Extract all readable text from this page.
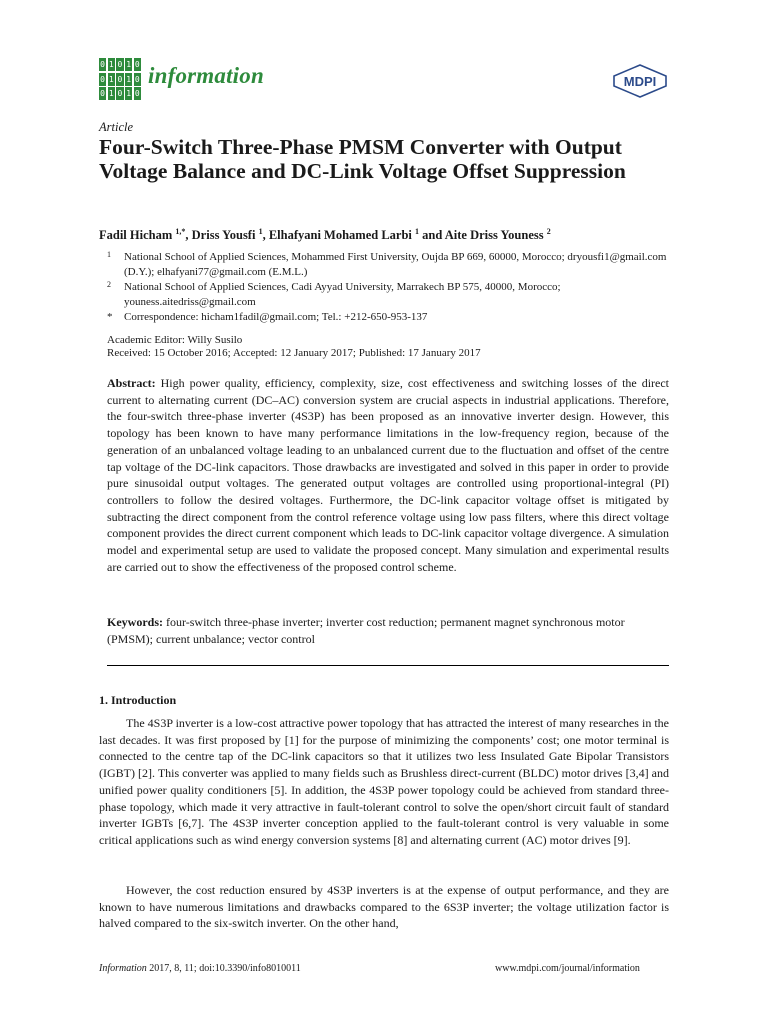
0 1 0 1 0
0 1 0 1 0
0 1 0 1 0
information	MDPI
Article
Four-Switch Three-Phase PMSM Converter with Output Voltage Balance and DC-Link Voltage Offset Suppression
Fadil Hicham $^{1,*}$, Driss Yousfi $^1$, Elhafyani Mohamed Larbi $^1$ and Aite Driss Youness $^2$
1 National School of Applied Sciences, Mohammed First University, Oujda BP 669, 60000, Morocco; dryousfi1@gmail.com (D.Y.); elhafyani77@gmail.com (E.M.L.)
2 National School of Applied Sciences, Cadi Ayyad University, Marrakech BP 575, 40000, Morocco; youness.aitedriss@gmail.com
* Correspondence: hicham1fadil@gmail.com; Tel.: +212-650-953-137
Academic Editor: Willy Susilo
Received: 15 October 2016; Accepted: 12 January 2017; Published: 17 January 2017

Abstract: High power quality, efficiency, complexity, size, cost effectiveness and switching losses of the direct current to alternating current (DC–AC) conversion system are crucial aspects in industrial applications. Therefore, the four-switch three-phase inverter (4S3P) has been proposed as an innovative inverter design. However, this topology has been known to have many performance limitations in the low-frequency region, because of the generation of an unbalanced voltage leading to an unbalanced current due to the fluctuation and offset of the centre tap voltage of the DC-link capacitors. Those drawbacks are investigated and solved in this paper in order to provide pure sinusoidal output voltages. The generated output voltages are controlled using proportional-integral (PI) controllers to follow the desired voltages. Furthermore, the DC-link capacitor voltage offset is mitigated by subtracting the direct component from the control reference voltage using low pass filters, where this direct voltage component provides the direct current component which leads to DC-link capacitor voltage divergence. A simulation model and experimental setup are used to validate the proposed concept. Many simulation and experimental results are carried out to show the effectiveness of the proposed control scheme.

Keywords: four-switch three-phase inverter; inverter cost reduction; permanent magnet synchronous motor (PMSM); current unbalance; vector control

1. Introduction

The 4S3P inverter is a low-cost attractive power topology that has attracted the interest of many researches in the last decades. It was first proposed by [1] for the purpose of minimizing the components’ cost; one motor terminal is connected to the centre tap of the DC-link capacitors so that it utilizes two less Insulated Gate Bipolar Transistors (IGBT) [2]. This converter was applied to many fields such as Brushless direct-current (BLDC) motor drives [3,4] and unified power quality conditioners [5]. In addition, the 4S3P power topology could be achieved from standard three-phase topology, which made it very attractive in fault-tolerant control to solve the open/short circuit fault of standard inverter IGBTs [6,7]. The 4S3P inverter conception applied to the fault-tolerant control is very valuable in some critical applications such as wind energy conversion systems [8] and alternating current (AC) motor drives [9].

However, the cost reduction ensured by 4S3P inverters is at the expense of output performance, and they are known to have numerous limitations and drawbacks compared to the 6S3P inverter; the voltage utilization factor is halved compared to the six-switch inverter. On the other hand,

Information 2017, 8, 11; doi:10.3390/info8010011	www.mdpi.com/journal/information
